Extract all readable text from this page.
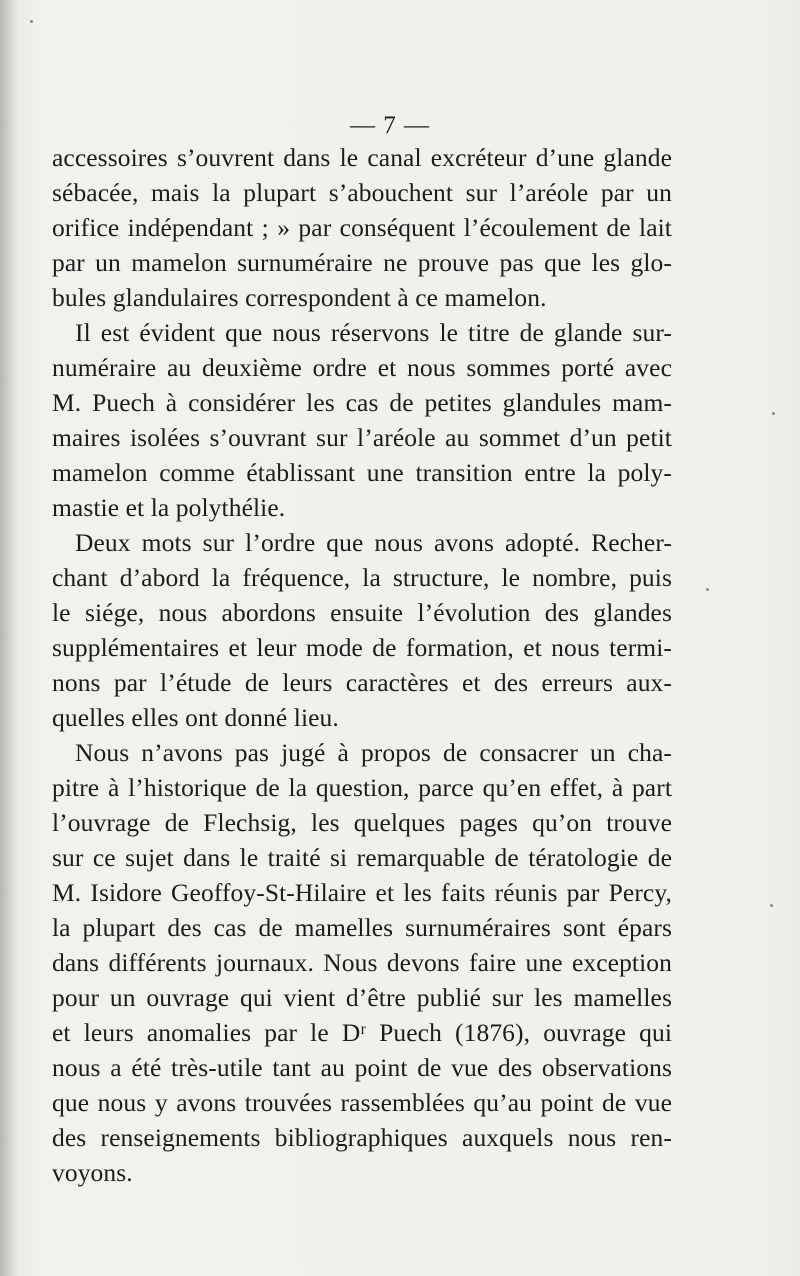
— 7 —
accessoires s’ouvrent dans le canal excréteur d’une glande
sébacée, mais la plupart s’abouchent sur l’aréole par un
orifice indépendant ; » par conséquent l’écoulement de lait
par un mamelon surnuméraire ne prouve pas que les glo-
bules glandulaires correspondent à ce mamelon.
Il est évident que nous réservons le titre de glande sur-
numéraire au deuxième ordre et nous sommes porté avec
M. Puech à considérer les cas de petites glandules mam-
maires isolées s’ouvrant sur l’aréole au sommet d’un petit
mamelon comme établissant une transition entre la poly-
mastie et la polythélie.
Deux mots sur l’ordre que nous avons adopté. Recher-
chant d’abord la fréquence, la structure, le nombre, puis
le siége, nous abordons ensuite l’évolution des glandes
supplémentaires et leur mode de formation, et nous termi-
nons par l’étude de leurs caractères et des erreurs aux-
quelles elles ont donné lieu.
Nous n’avons pas jugé à propos de consacrer un cha-
pitre à l’historique de la question, parce qu’en effet, à part
l’ouvrage de Flechsig, les quelques pages qu’on trouve
sur ce sujet dans le traité si remarquable de tératologie de
M. Isidore Geoffoy-St-Hilaire et les faits réunis par Percy,
la plupart des cas de mamelles surnuméraires sont épars
dans différents journaux. Nous devons faire une exception
pour un ouvrage qui vient d’être publié sur les mamelles
et leurs anomalies par le Dʳ Puech (1876), ouvrage qui
nous a été très-utile tant au point de vue des observations
que nous y avons trouvées rassemblées qu’au point de vue
des renseignements bibliographiques auxquels nous ren-
voyons.
